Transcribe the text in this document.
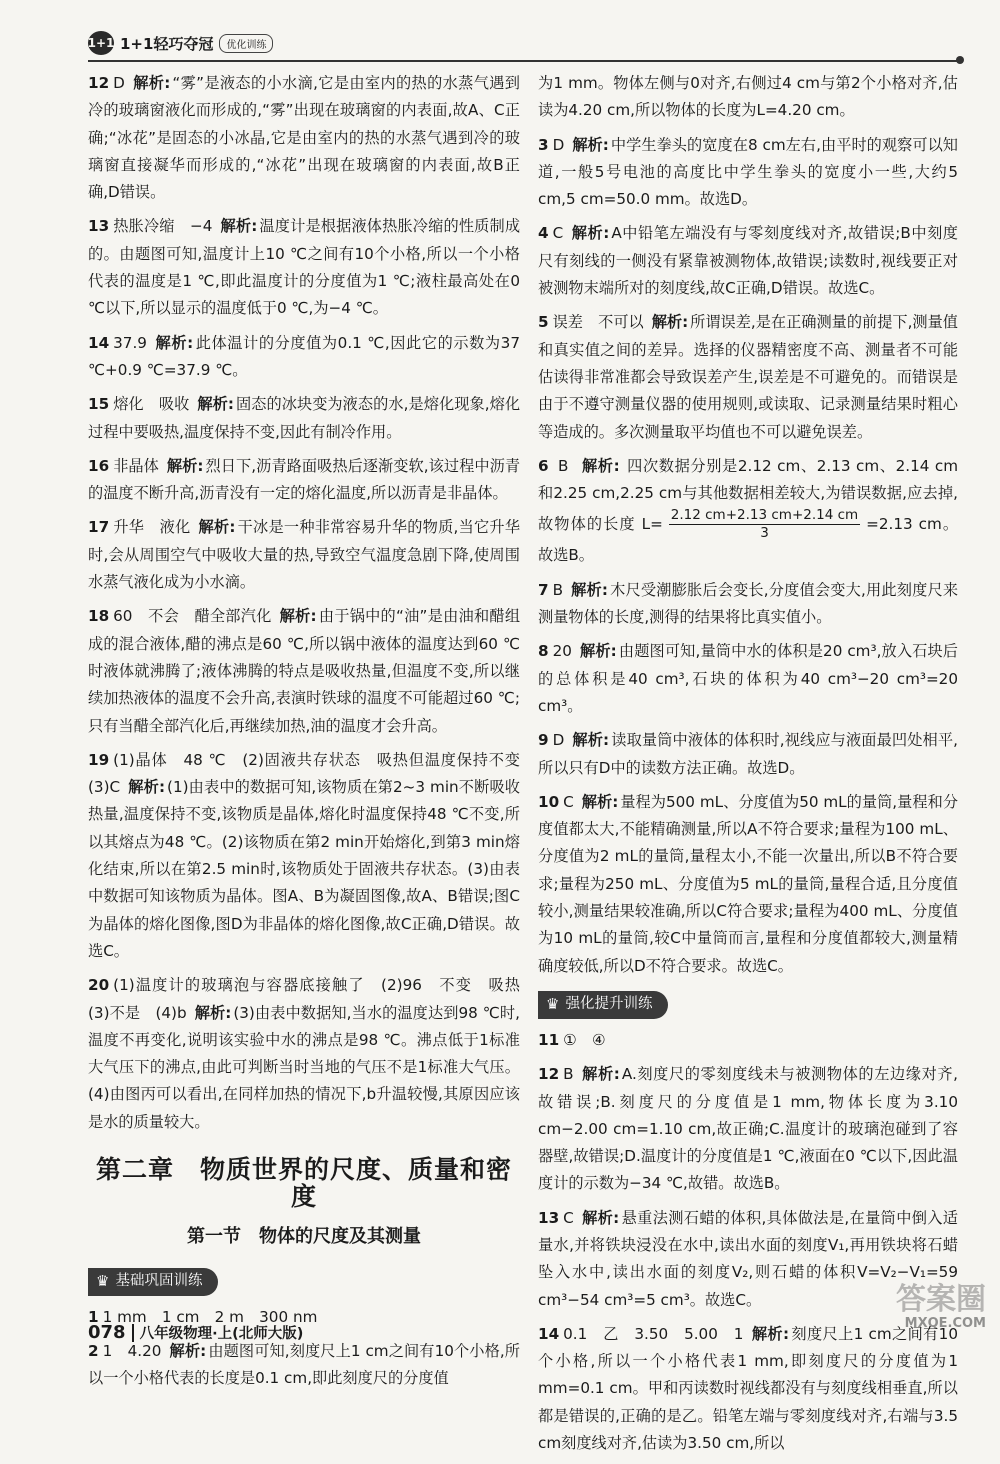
1+1 1+1轻巧夺冠	优化训练
12 D 解析: “雾”是液态的小水滴,它是由室内的热的水蒸气遇到冷的玻璃窗液化而形成的,“雾”出现在玻璃窗的内表面,故A、C正确;“冰花”是固态的小冰晶,它是由室内的热的水蒸气遇到冷的玻璃窗直接凝华而形成的,“冰花”出现在玻璃窗的内表面,故B正确,D错误。
13 热胀冷缩　−4 解析: 温度计是根据液体热胀冷缩的性质制成的。由题图可知,温度计上10 ℃之间有10个小格,所以一个小格代表的温度是1 ℃,即此温度计的分度值为1 ℃;液柱最高处在0 ℃以下,所以显示的温度低于0 ℃,为−4 ℃。
14 37.9 解析: 此体温计的分度值为0.1 ℃,因此它的示数为37 ℃+0.9 ℃=37.9 ℃。
15 熔化　吸收 解析: 固态的冰块变为液态的水,是熔化现象,熔化过程中要吸热,温度保持不变,因此有制冷作用。
16 非晶体 解析: 烈日下,沥青路面吸热后逐渐变软,该过程中沥青的温度不断升高,沥青没有一定的熔化温度,所以沥青是非晶体。
17 升华　液化 解析: 干冰是一种非常容易升华的物质,当它升华时,会从周围空气中吸收大量的热,导致空气温度急剧下降,使周围水蒸气液化成为小水滴。
18 60　不会　醋全部汽化 解析: 由于锅中的“油”是由油和醋组成的混合液体,醋的沸点是60 ℃,所以锅中液体的温度达到60 ℃时液体就沸腾了;液体沸腾的特点是吸收热量,但温度不变,所以继续加热液体的温度不会升高,表演时铁球的温度不可能超过60 ℃;只有当醋全部汽化后,再继续加热,油的温度才会升高。
19 (1)晶体　48 ℃　(2)固液共存状态　吸热但温度保持不变　(3)C 解析: (1)由表中的数据可知,该物质在第2~3 min不断吸收热量,温度保持不变,该物质是晶体,熔化时温度保持48 ℃不变,所以其熔点为48 ℃。(2)该物质在第2 min开始熔化,到第3 min熔化结束,所以在第2.5 min时,该物质处于固液共存状态。(3)由表中数据可知该物质为晶体。图A、B为凝固图像,故A、B错误;图C为晶体的熔化图像,图D为非晶体的熔化图像,故C正确,D错误。故选C。
20 (1)温度计的玻璃泡与容器底接触了　(2)96　不变　吸热　(3)不是　(4)b 解析: (3)由表中数据知,当水的温度达到98 ℃时,温度不再变化,说明该实验中水的沸点是98 ℃。沸点低于1标准大气压下的沸点,由此可判断当时当地的气压不是1标准大气压。(4)由图丙可以看出,在同样加热的情况下,b升温较慢,其原因应该是水的质量较大。
第二章　物质世界的尺度、质量和密度
第一节　物体的尺度及其测量
♛ 基础巩固训练
1 1 mm　1 cm　2 m　300 nm
2 1　4.20 解析: 由题图可知,刻度尺上1 cm之间有10个小格,所以一个小格代表的长度是0.1 cm,即此刻度尺的分度值
为1 mm。物体左侧与0对齐,右侧过4 cm与第2个小格对齐,估读为4.20 cm,所以物体的长度为L=4.20 cm。
3 D 解析: 中学生拳头的宽度在8 cm左右,由平时的观察可以知道,一般5号电池的高度比中学生拳头的宽度小一些,大约5 cm,5 cm=50.0 mm。故选D。
4 C 解析: A中铅笔左端没有与零刻度线对齐,故错误;B中刻度尺有刻线的一侧没有紧靠被测物体,故错误;读数时,视线要正对被测物末端所对的刻度线,故C正确,D错误。故选C。
5 误差　不可以 解析: 所谓误差,是在正确测量的前提下,测量值和真实值之间的差异。选择的仪器精密度不高、测量者不可能估读得非常准都会导致误差产生,误差是不可避免的。而错误是由于不遵守测量仪器的使用规则,或读取、记录测量结果时粗心等造成的。多次测量取平均值也不可以避免误差。
6 B 解析: 四次数据分别是2.12 cm、2.13 cm、2.14 cm和2.25 cm,2.25 cm与其他数据相差较大,为错误数据,应去掉,故物体的长度 $L= \frac{2.12 cm+2.13 cm+2.14 cm}{3} =2.13$ cm。故选B。
7 B 解析: 木尺受潮膨胀后会变长,分度值会变大,用此刻度尺来测量物体的长度,测得的结果将比真实值小。
8 20 解析: 由题图可知,量筒中水的体积是20 cm³,放入石块后的总体积是40 cm³,石块的体积为40 cm³−20 cm³=20 cm³。
9 D 解析: 读取量筒中液体的体积时,视线应与液面最凹处相平,所以只有D中的读数方法正确。故选D。
10 C 解析: 量程为500 mL、分度值为50 mL的量筒,量程和分度值都太大,不能精确测量,所以A不符合要求;量程为100 mL、分度值为2 mL的量筒,量程太小,不能一次量出,所以B不符合要求;量程为250 mL、分度值为5 mL的量筒,量程合适,且分度值较小,测量结果较准确,所以C符合要求;量程为400 mL、分度值为10 mL的量筒,较C中量筒而言,量程和分度值都较大,测量精确度较低,所以D不符合要求。故选C。
♛ 强化提升训练
11 ①　④
12 B 解析: A.刻度尺的零刻度线未与被测物体的左边缘对齐,故错误;B.刻度尺的分度值是1 mm,物体长度为3.10 cm−2.00 cm=1.10 cm,故正确;C.温度计的玻璃泡碰到了容器壁,故错误;D.温度计的分度值是1 ℃,液面在0 ℃以下,因此温度计的示数为−34 ℃,故错。故选B。
13 C 解析: 悬重法测石蜡的体积,具体做法是,在量筒中倒入适量水,并将铁块浸没在水中,读出水面的刻度V₁,再用铁块将石蜡坠入水中,读出水面的刻度V₂,则石蜡的体积V=V₂−V₁=59 cm³−54 cm³=5 cm³。故选C。
14 0.1　乙　3.50　5.00　1 解析: 刻度尺上1 cm之间有10个小格,所以一个小格代表1 mm,即刻度尺的分度值为1 mm=0.1 cm。甲和丙读数时视线都没有与刻度线相垂直,所以都是错误的,正确的是乙。铅笔左端与零刻度线对齐,右端与3.5 cm刻度线对齐,估读为3.50 cm,所以
078 八年级物理·上(北师大版)
答案圈
MXQE.COM
